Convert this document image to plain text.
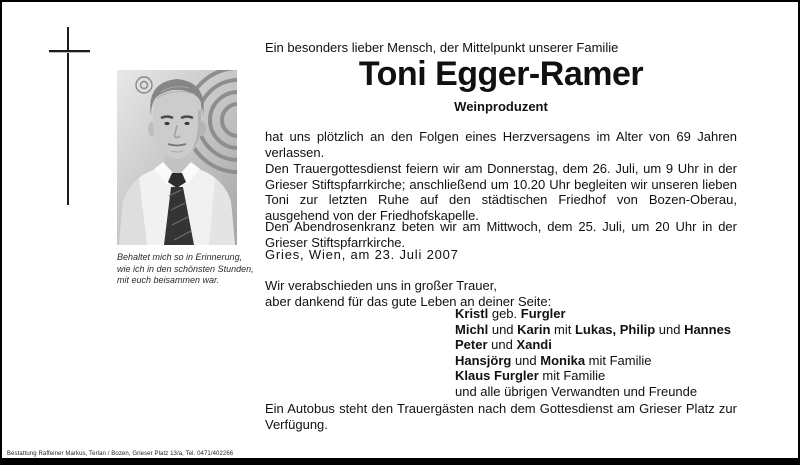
Behaltet mich so in Erinnerung,
wie ich in den schönsten Stunden,
mit euch beisammen war.
Ein besonders lieber Mensch, der Mittelpunkt unserer Familie
Toni Egger-Ramer
Weinproduzent
hat uns plötzlich an den Folgen eines Herzversagens im Alter von 69 Jahren verlassen.
Den Trauergottesdienst feiern wir am Donnerstag, dem 26. Juli, um 9 Uhr in der Grieser Stiftspfarrkirche; anschließend um 10.20 Uhr begleiten wir unseren lieben Toni zur letzten Ruhe auf den städtischen Friedhof von Bozen-Oberau, ausgehend von der Friedhofskapelle.
Den Abendrosenkranz beten wir am Mittwoch, dem 25. Juli, um 20 Uhr in der Grieser Stiftspfarrkirche.
Gries, Wien, am 23. Juli 2007
Wir verabschieden uns in großer Trauer,
aber dankend für das gute Leben an deiner Seite:
Kristl geb. Furgler
Michl und Karin mit Lukas, Philip und Hannes
Peter und Xandi
Hansjörg und Monika mit Familie
Klaus Furgler mit Familie
und alle übrigen Verwandten und Freunde
Ein Autobus steht den Trauergästen nach dem Gottesdienst am Grieser Platz zur Verfügung.
Bestattung Raffeiner Markus, Terlan / Bozen, Grieser Platz 13/a, Tel. 0471/402266
